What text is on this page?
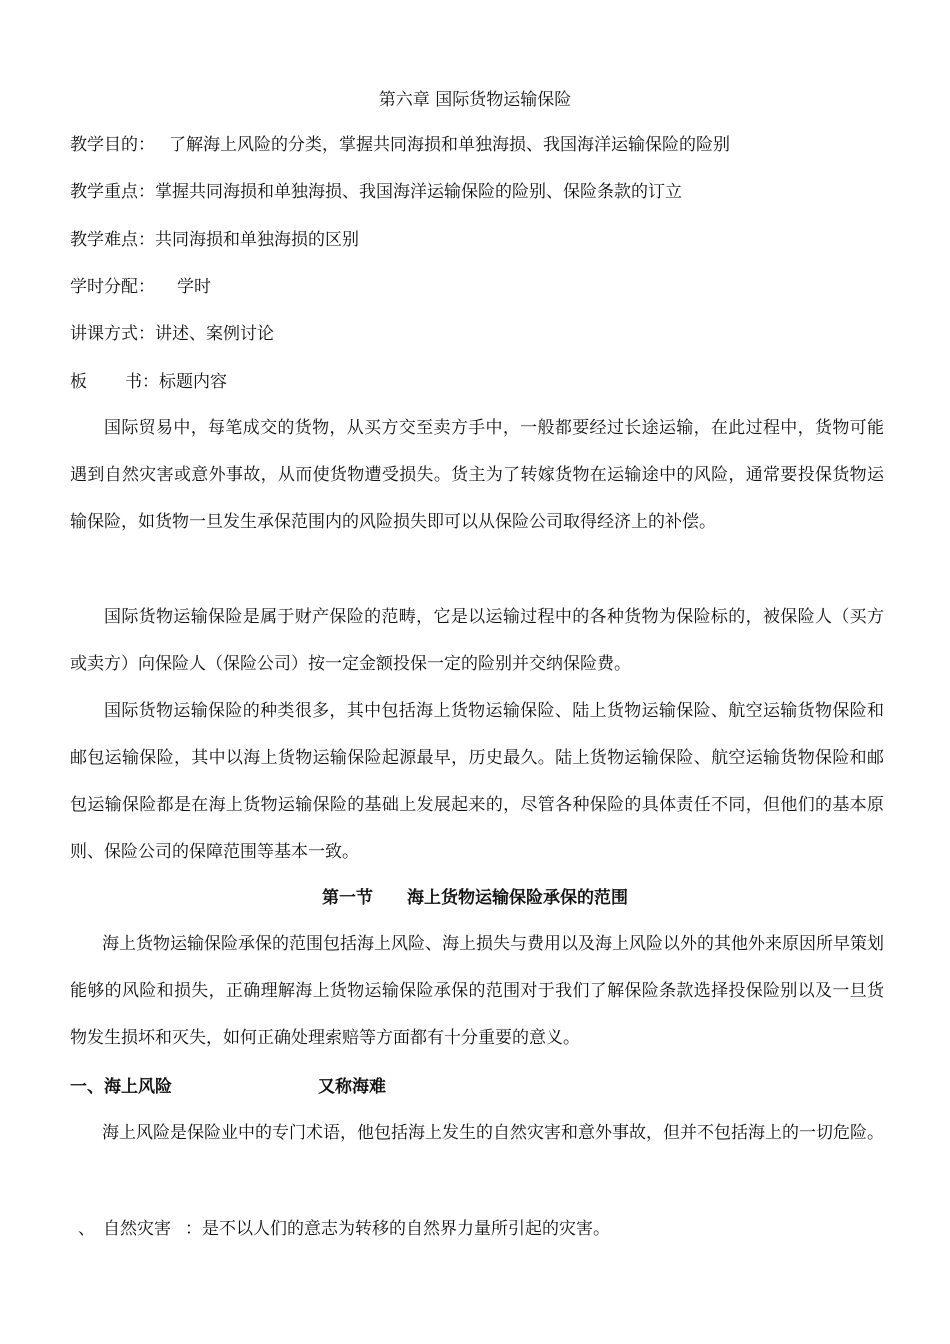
第六章 国际货物运输保险
教学目的： 了解海上风险的分类，掌握共同海损和单独海损、我国海洋运输保险的险别
教学重点：掌握共同海损和单独海损、我国海洋运输保险的险别、保险条款的订立
教学难点：共同海损和单独海损的区别
学时分配： 学时
讲课方式：讲述、案例讨论
板 书：标题内容
国际贸易中，每笔成交的货物，从买方交至卖方手中，一般都要经过长途运输，在此过程中，货物可能遇到自然灾害或意外事故，从而使货物遭受损失。货主为了转嫁货物在运输途中的风险，通常要投保货物运输保险，如货物一旦发生承保范围内的风险损失即可以从保险公司取得经济上的补偿。
国际货物运输保险是属于财产保险的范畴，它是以运输过程中的各种货物为保险标的，被保险人（买方或卖方）向保险人（保险公司）按一定金额投保一定的险别并交纳保险费。
国际货物运输保险的种类很多，其中包括海上货物运输保险、陆上货物运输保险、航空运输货物保险和邮包运输保险，其中以海上货物运输保险起源最早，历史最久。陆上货物运输保险、航空运输货物保险和邮包运输保险都是在海上货物运输保险的基础上发展起来的，尽管各种保险的具体责任不同，但他们的基本原则、保险公司的保障范围等基本一致。
第一节 海上货物运输保险承保的范围
海上货物运输保险承保的范围包括海上风险、海上损失与费用以及海上风险以外的其他外来原因所早策划能够的风险和损失，正确理解海上货物运输保险承保的范围对于我们了解保险条款选择投保险别以及一旦货物发生损坏和灭失，如何正确处理索赔等方面都有十分重要的意义。
一、海上风险	又称海难
海上风险是保险业中的专门术语，他包括海上发生的自然灾害和意外事故，但并不包括海上的一切危险。
、 自然灾害 ：是不以人们的意志为转移的自然界力量所引起的灾害。
